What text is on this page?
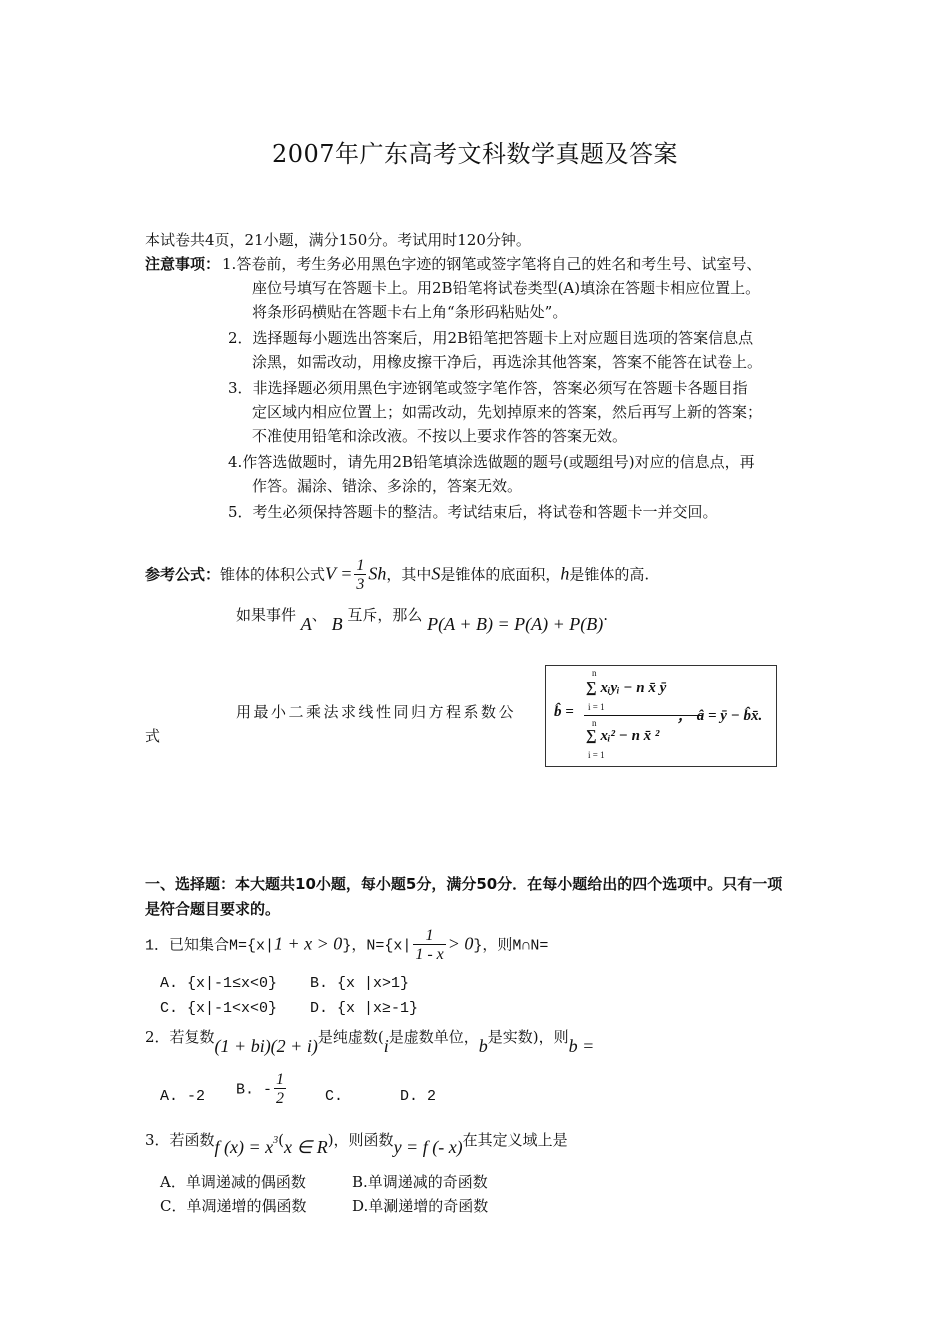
2007年广东高考文科数学真题及答案
本试卷共4页，21小题，满分150分。考试用时120分钟。
注意事项： 1.答卷前，考生务必用黑色字迹的钢笔或签字笔将自己的姓名和考生号、试室号、
座位号填写在答题卡上。用2B铅笔将试卷类型(A)填涂在答题卡相应位置上。
将条形码横贴在答题卡右上角“条形码粘贴处”。
2．选择题每小题选出答案后，用2B铅笔把答题卡上对应题目选项的答案信息点
涂黑，如需改动，用橡皮擦干净后，再选涂其他答案，答案不能答在试卷上。
3．非选择题必须用黑色宇迹钢笔或签字笔作答，答案必须写在答题卡各题目指
定区域内相应位置上；如需改动，先划掉原来的答案，然后再写上新的答案；
不准使用铅笔和涂改液。不按以上要求作答的答案无效。
4.作答选做题时，请先用2B铅笔填涂选做题的题号(或题组号)对应的信息点，再
作答。漏涂、错涂、多涂的，答案无效。
5．考生必须保持答题卡的整洁。考试结束后，将试卷和答题卡一并交回。
参考公式：锥体的体积公式$V = \frac{1}{3}$ Sh，其中S是锥体的底面积，h是锥体的高.
如果事件 A、 B 互斥，那么 P(A + B) = P(A) + P(B).
用最小二乘法求线性同归方程系数公
式
b̂ =
n
i = 1
∑ xᵢyᵢ − n x̄ ȳ
n
i = 1
∑ xᵢ² − n x̄ ²
， â = ȳ − b̂x̄.
一、选择题：本大题共10小题，每小题5分，满分50分．在每小题给出的四个选项中。只有一项
是符合题目要求的。
1．已知集合M={x|1 + x > 0}，$N=\{x| \frac{1}{1 - x} > 0\}$，则M∩N=
A. {x|-1≤x<0} B. {x |x>1}
C. {x|-1<x<0} D. {x |x≥-1}
2．若复数(1 + bi)(2 + i)是纯虚数(i是虚数单位，b是实数)，则b =
A. -2 B. - $\frac{1}{2}$	C.	D. 2
3．若函数f $(x) = x^3(x$ ∈ R)，则函数y = f (- x)在其定义域上是
A．单调递减的偶函数	B.单调递减的奇函数
C．单凋递增的偶函数	D.单涮递增的奇函数
